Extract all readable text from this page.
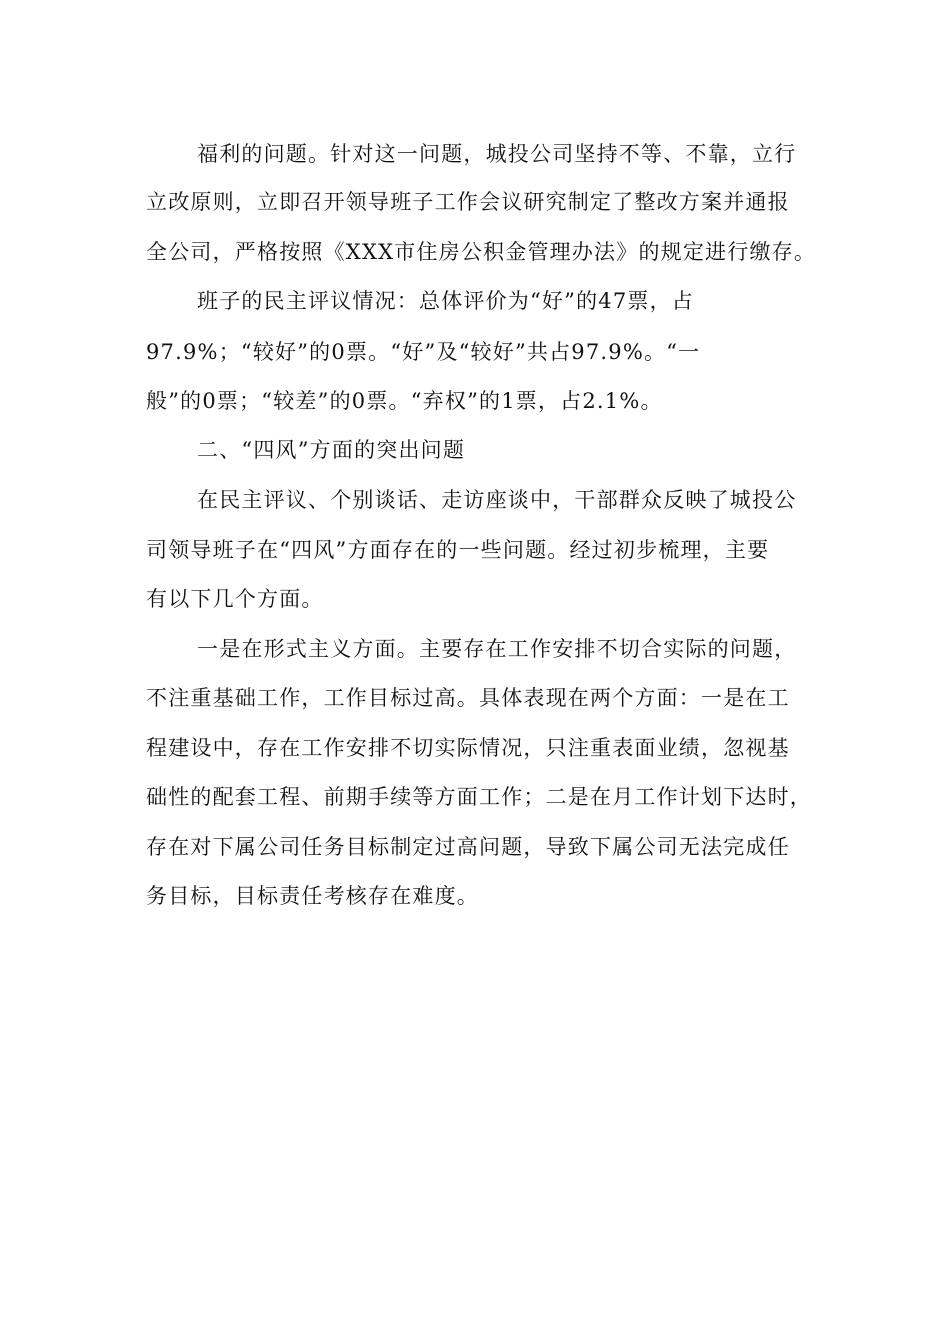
福利的问题。针对这一问题，城投公司坚持不等、不靠，立行
立改原则，立即召开领导班子工作会议研究制定了整改方案并通报
全公司，严格按照《XXX市住房公积金管理办法》的规定进行缴存。
班子的民主评议情况：总体评价为“好”的47票，占
97.9%；“较好”的0票。“好”及“较好”共占97.9%。“一
般”的0票；“较差”的0票。“弃权”的1票，占2.1%。
二、“四风”方面的突出问题
在民主评议、个别谈话、走访座谈中，干部群众反映了城投公
司领导班子在“四风”方面存在的一些问题。经过初步梳理，主要
有以下几个方面。
一是在形式主义方面。主要存在工作安排不切合实际的问题，
不注重基础工作，工作目标过高。具体表现在两个方面：一是在工
程建设中，存在工作安排不切实际情况，只注重表面业绩，忽视基
础性的配套工程、前期手续等方面工作；二是在月工作计划下达时，
存在对下属公司任务目标制定过高问题，导致下属公司无法完成任
务目标，目标责任考核存在难度。
